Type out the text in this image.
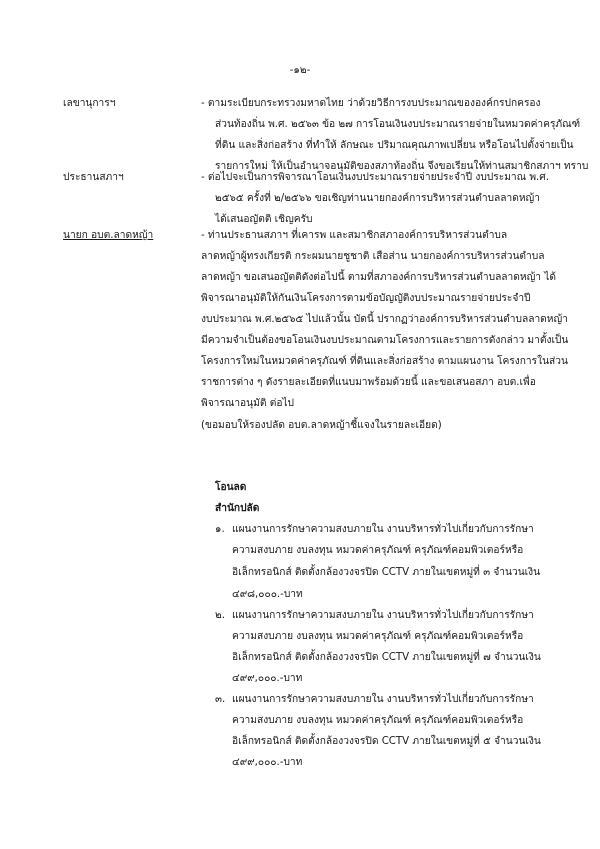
-๑๒-
เลขานุการฯ	- ตามระเบียบกระทรวงมหาดไทย ว่าด้วยวิธีการงบประมาณขององค์กรปกครอง
ส่วนท้องถิ่น พ.ศ. ๒๕๖๓ ข้อ ๒๗ การโอนเงินงบประมาณรายจ่ายในหมวดค่าครุภัณฑ์
ที่ดิน และสิ่งก่อสร้าง ที่ทำให้ ลักษณะ ปริมาณคุณภาพเปลี่ยน หรือโอนไปตั้งจ่ายเป็น
รายการใหม่ ให้เป็นอำนาจอนุมัติของสภาท้องถิ่น จึงขอเรียนให้ท่านสมาชิกสภาฯ ทราบ
ประธานสภาฯ	- ต่อไปจะเป็นการพิจารณาโอนเงินงบประมาณรายจ่ายประจำปี งบประมาณ พ.ศ.
๒๕๖๕ ครั้งที่ ๒/๒๕๖๖ ขอเชิญท่านนายกองค์การบริหารส่วนตำบลลาดหญ้า
ได้เสนอญัตติ เชิญครับ
นายก อบต.ลาดหญ้า	- ท่านประธานสภาฯ ที่เคารพ และสมาชิกสภาองค์การบริหารส่วนตำบล
ลาดหญ้าผู้ทรงเกียรติ กระผมนายชูชาติ เสือส่าน นายกองค์การบริหารส่วนตำบล
ลาดหญ้า ขอเสนอญัตติดังต่อไปนี้ ตามที่สภาองค์การบริหารส่วนตำบลลาดหญ้า ได้
พิจารณาอนุมัติให้กันเงินโครงการตามข้อบัญญัติงบประมาณรายจ่ายประจำปี
งบประมาณ พ.ศ.๒๕๖๕ ไปแล้วนั้น บัดนี้ ปรากฏว่าองค์การบริหารส่วนตำบลลาดหญ้า
มีความจำเป็นต้องขอโอนเงินงบประมาณตามโครงการและรายการดังกล่าว มาตั้งเป็น
โครงการใหม่ในหมวดค่าครุภัณฑ์ ที่ดินและสิ่งก่อสร้าง ตามแผนงาน โครงการในส่วน
ราชการต่าง ๆ ดังรายละเอียดที่แนบมาพร้อมด้วยนี้ และขอเสนอสภา อบต.เพื่อ
พิจารณาอนุมัติ ต่อไป
(ขอมอบให้รองปลัด อบต.ลาดหญ้าชี้แจงในรายละเอียด)
โอนลด
สำนักปลัด
๑. แผนงานการรักษาความสงบภายใน งานบริหารทั่วไปเกี่ยวกับการรักษา
ความสงบภาย งบลงทุน หมวดค่าครุภัณฑ์ ครุภัณฑ์คอมพิวเตอร์หรือ
อิเล็กทรอนิกส์ ติดตั้งกล้องวงจรปิด CCTV ภายในเขตหมู่ที่ ๓ จำนวนเงิน
๔๙๘,๐๐๐.-บาท
๒. แผนงานการรักษาความสงบภายใน งานบริหารทั่วไปเกี่ยวกับการรักษา
ความสงบภาย งบลงทุน หมวดค่าครุภัณฑ์ ครุภัณฑ์คอมพิวเตอร์หรือ
อิเล็กทรอนิกส์ ติดตั้งกล้องวงจรปิด CCTV ภายในเขตหมู่ที่ ๗ จำนวนเงิน
๔๙๙,๐๐๐.-บาท
๓. แผนงานการรักษาความสงบภายใน งานบริหารทั่วไปเกี่ยวกับการรักษา
ความสงบภาย งบลงทุน หมวดค่าครุภัณฑ์ ครุภัณฑ์คอมพิวเตอร์หรือ
อิเล็กทรอนิกส์ ติดตั้งกล้องวงจรปิด CCTV ภายในเขตหมู่ที่ ๕ จำนวนเงิน
๔๙๙,๐๐๐.-บาท
